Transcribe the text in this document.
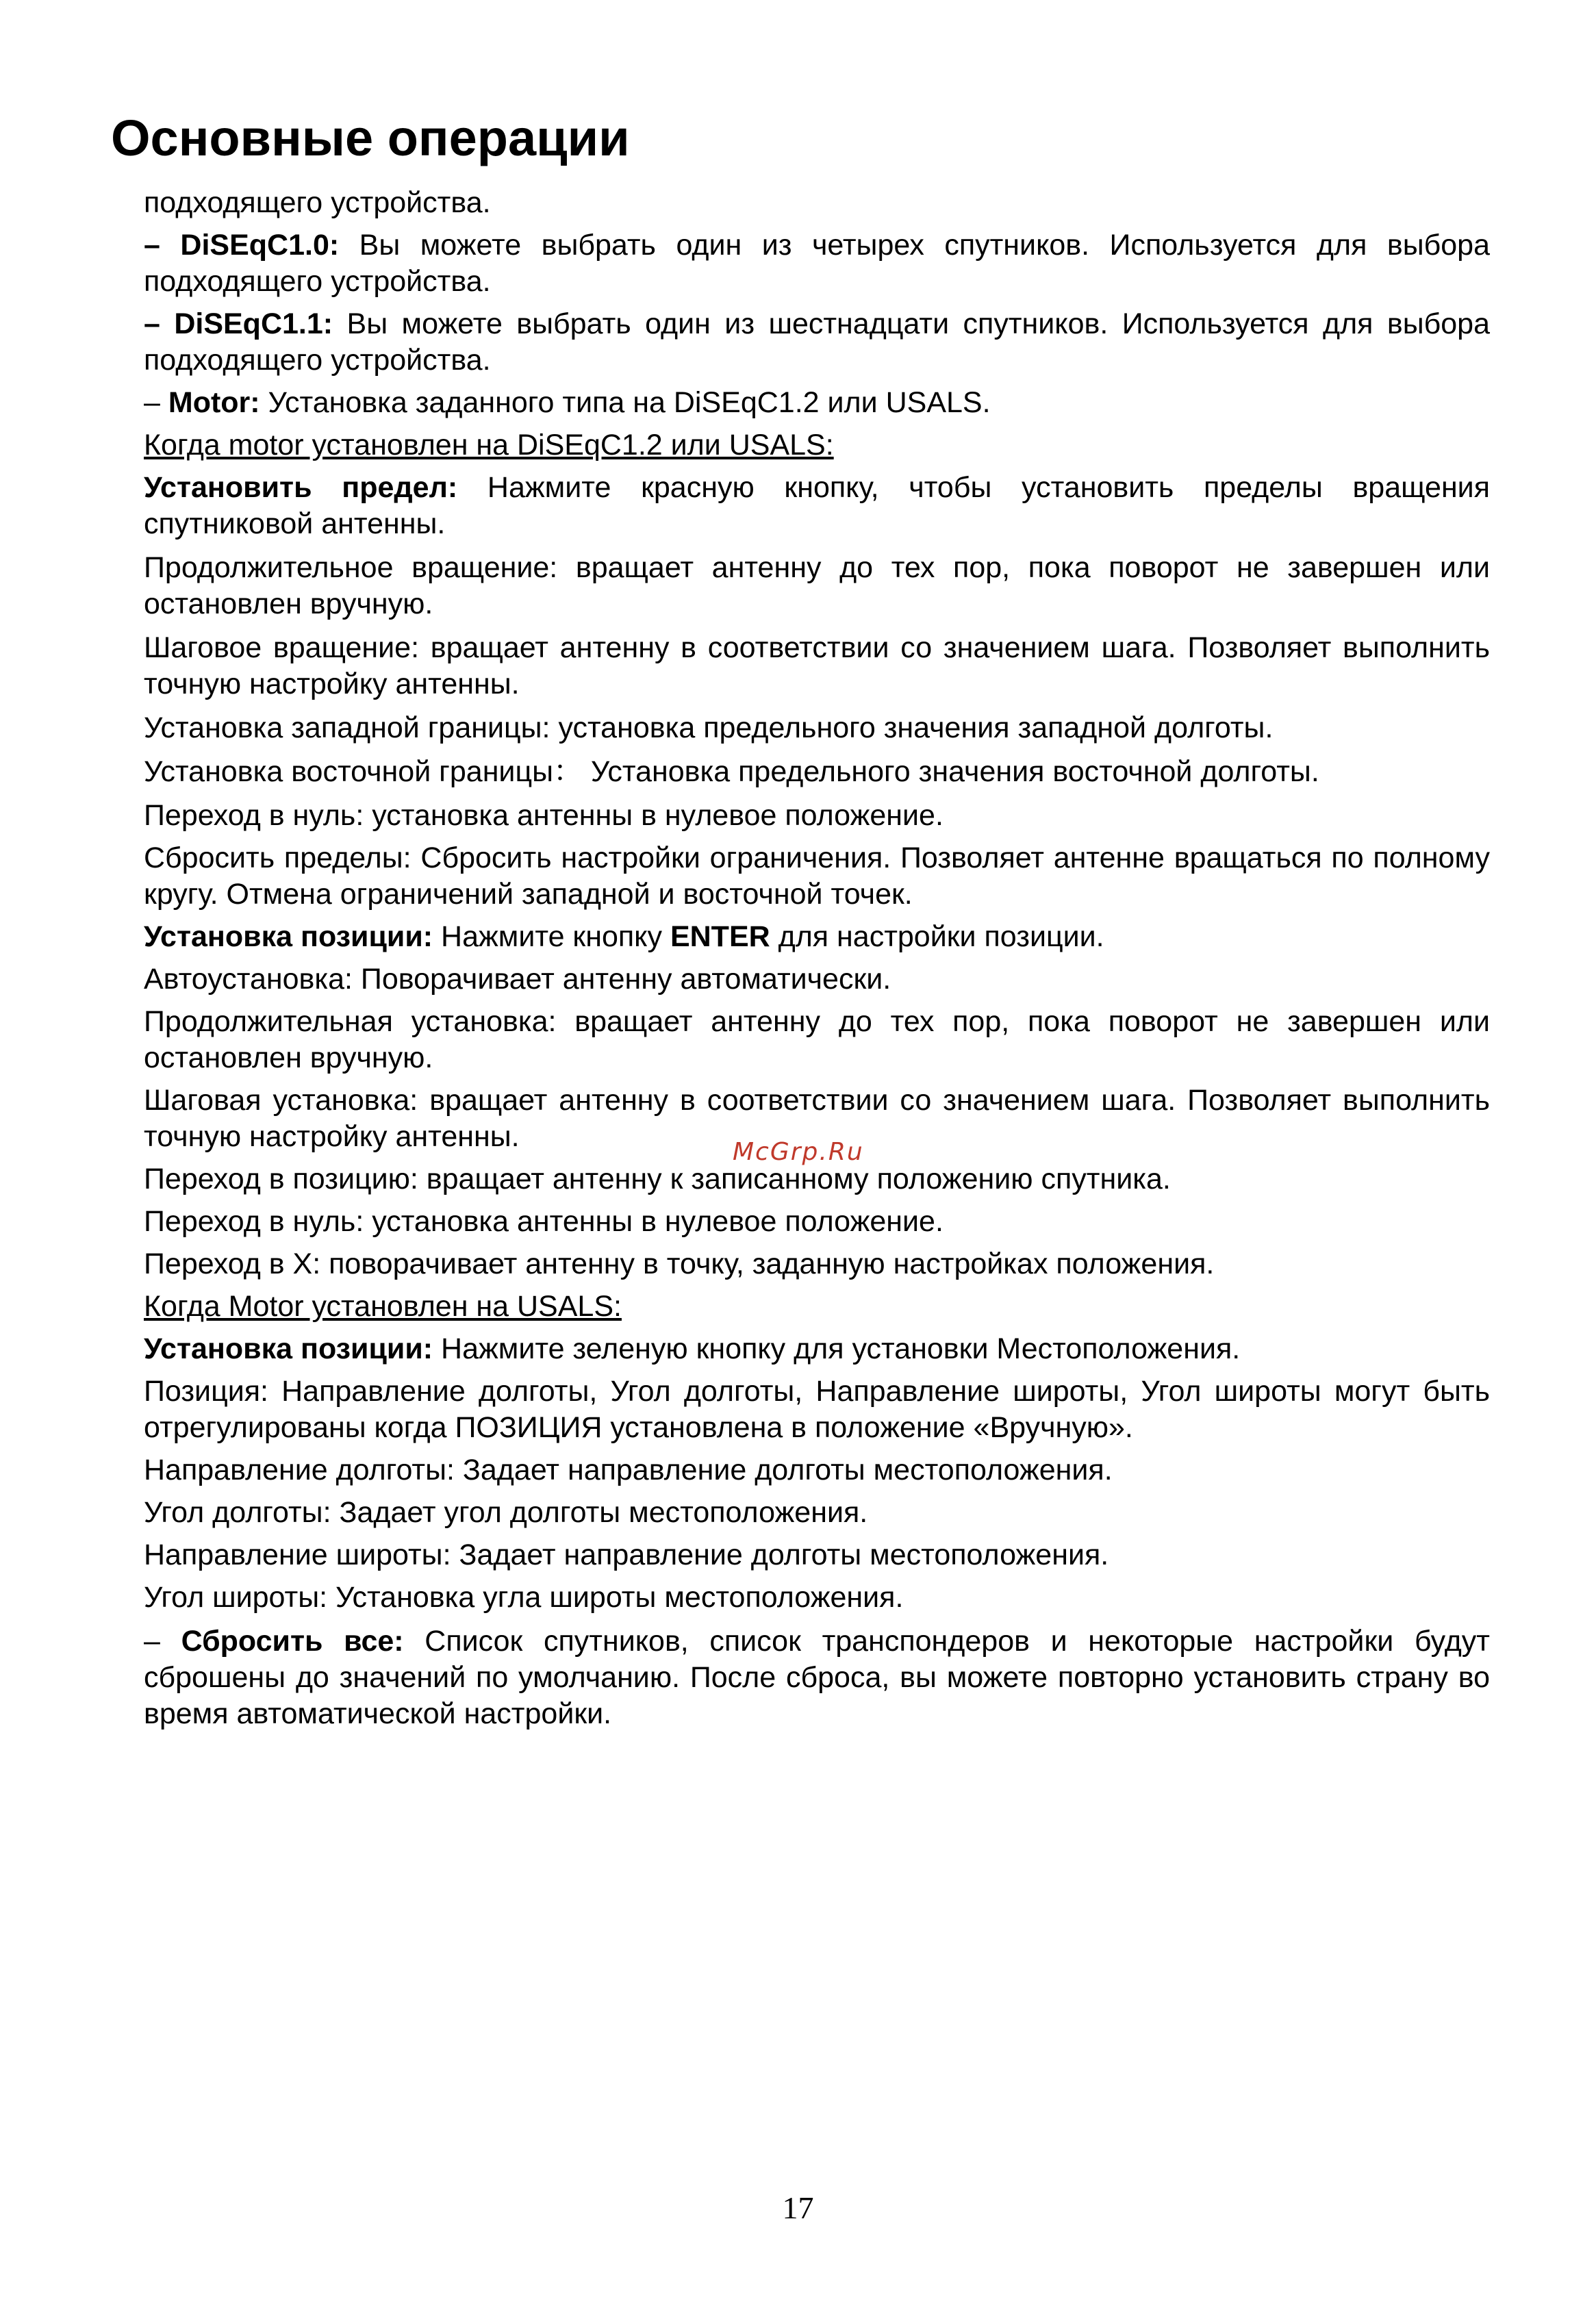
Основные операции

подходящего устройства.

– DiSEqC1.0: Вы можете выбрать один из четырех спутников. Используется для выбора подходящего устройства.

– DiSEqC1.1: Вы можете выбрать один из шестнадцати спутников. Используется для выбора подходящего устройства.

– Motor: Установка заданного типа на DiSEqC1.2 или USALS.

Когда motor установлен на DiSEqC1.2 или USALS:

Установить предел: Нажмите красную кнопку, чтобы установить пределы вращения спутниковой антенны.

Продолжительное вращение: вращает антенну до тех пор, пока поворот не завершен или остановлен вручную.

Шаговое вращение: вращает антенну в соответствии со значением шага. Позволяет выполнить точную настройку антенны.

Установка западной границы: установка предельного значения западной долготы.

Установка восточной границы： Установка предельного значения восточной долготы.

Переход в нуль: установка антенны в нулевое положение.

Сбросить пределы: Сбросить настройки ограничения. Позволяет антенне вращаться по полному кругу. Отмена ограничений западной и восточной точек.

Установка позиции: Нажмите кнопку ENTER для настройки позиции.

Автоустановка: Поворачивает антенну автоматически.

Продолжительная установка: вращает антенну до тех пор, пока поворот не завершен или остановлен вручную.

Шаговая установка: вращает антенну в соответствии со значением шага. Позволяет выполнить точную настройку антенны.

Переход в позицию: вращает антенну к записанному положению спутника.

Переход в нуль: установка антенны в нулевое положение.

Переход в X: поворачивает антенну в точку, заданную настройках положения.

Когда Motor установлен на USALS:

Установка позиции: Нажмите зеленую кнопку для установки Местоположения.

Позиция: Направление долготы, Угол долготы, Направление широты, Угол широты могут быть отрегулированы когда ПОЗИЦИЯ установлена в положение «Вручную».

Направление долготы: Задает направление долготы местоположения.

Угол долготы: Задает угол долготы местоположения.

Направление широты: Задает направление долготы местоположения.

Угол широты: Установка угла широты местоположения.

– Сбросить все: Список спутников, список транспондеров и некоторые настройки будут сброшены до значений по умолчанию. После сброса, вы можете повторно установить страну во время автоматической настройки.

McGrp.Ru
17
